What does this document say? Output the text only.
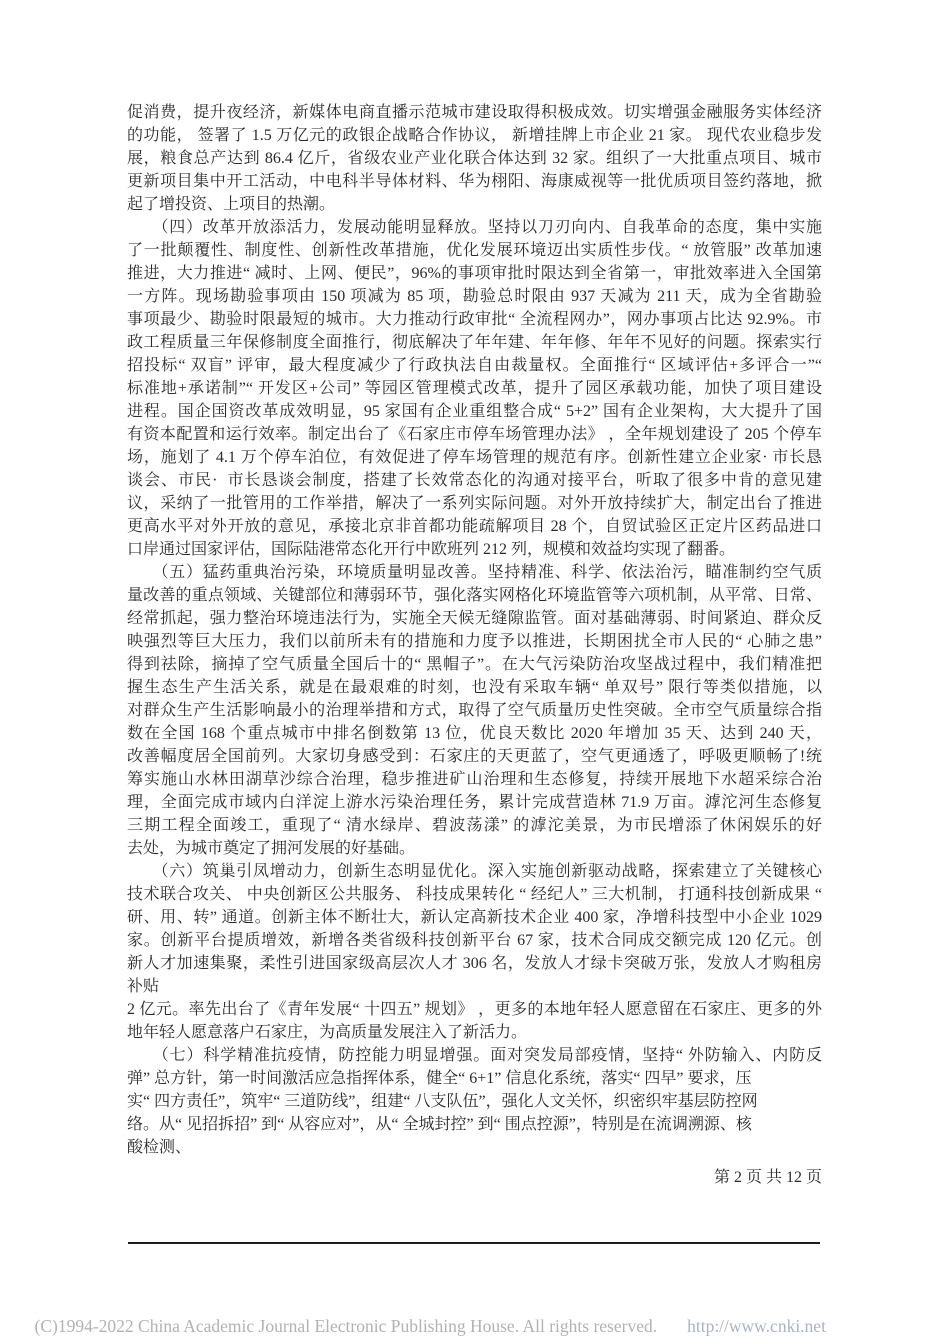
促消费，提升夜经济，新媒体电商直播示范城市建设取得积极成效。切实增强金融服务实体经济
的功能， 签署了 1.5 万亿元的政银企战略合作协议， 新增挂牌上市企业 21 家。 现代农业稳步发
展，粮食总产达到 86.4 亿斤，省级农业产业化联合体达到 32 家。组织了一大批重点项目、城市
更新项目集中开工活动，中电科半导体材料、华为栩阳、海康威视等一批优质项目签约落地，掀
起了增投资、上项目的热潮。
　　（四）改革开放添活力，发展动能明显释放。坚持以刀刃向内、自我革命的态度，集中实施
了一批颠覆性、制度性、创新性改革措施，优化发展环境迈出实质性步伐。“ 放管服” 改革加速
推进，大力推进“ 减时、上网、便民”，96%的事项审批时限达到全省第一，审批效率进入全国第
一方阵。现场勘验事项由 150 项减为 85 项，勘验总时限由 937 天减为 211 天，成为全省勘验
事项最少、勘验时限最短的城市。大力推动行政审批“ 全流程网办”，网办事项占比达 92.9%。市
政工程质量三年保修制度全面推行，彻底解决了年年建、年年修、年年不见好的问题。探索实行
招投标“ 双盲” 评审，最大程度减少了行政执法自由裁量权。全面推行“ 区域评估+多评合一”“
标准地+承诺制”“ 开发区+公司” 等园区管理模式改革，提升了园区承载功能，加快了项目建设
进程。国企国资改革成效明显，95 家国有企业重组整合成“ 5+2” 国有企业架构，大大提升了国
有资本配置和运行效率。制定出台了《石家庄市停车场管理办法》 ，全年规划建设了 205 个停车
场，施划了 4.1 万个停车泊位，有效促进了停车场管理的规范有序。创新性建立企业家· 市长恳
谈会、市民·  市长恳谈会制度，搭建了长效常态化的沟通对接平台，听取了很多中肯的意见建
议，采纳了一批管用的工作举措，解决了一系列实际问题。对外开放持续扩大，制定出台了推进
更高水平对外开放的意见，承接北京非首都功能疏解项目 28 个，自贸试验区正定片区药品进口
口岸通过国家评估，国际陆港常态化开行中欧班列 212 列，规模和效益均实现了翻番。
　　（五）猛药重典治污染，环境质量明显改善。坚持精准、科学、依法治污，瞄准制约空气质
量改善的重点领域、关键部位和薄弱环节，强化落实网格化环境监管等六项机制，从平常、日常、
经常抓起，强力整治环境违法行为，实施全天候无缝隙监管。面对基础薄弱、时间紧迫、群众反
映强烈等巨大压力，我们以前所未有的措施和力度予以推进，长期困扰全市人民的“ 心肺之患”
得到祛除，摘掉了空气质量全国后十的“ 黑帽子”。在大气污染防治攻坚战过程中，我们精准把
握生态生产生活关系，就是在最艰难的时刻，也没有采取车辆“ 单双号” 限行等类似措施，以
对群众生产生活影响最小的治理举措和方式，取得了空气质量历史性突破。全市空气质量综合指
数在全国 168 个重点城市中排名倒数第 13 位，优良天数比 2020 年增加 35 天、达到 240 天，
改善幅度居全国前列。大家切身感受到：石家庄的天更蓝了，空气更通透了，呼吸更顺畅了!统
筹实施山水林田湖草沙综合治理，稳步推进矿山治理和生态修复，持续开展地下水超采综合治
理，全面完成市域内白洋淀上游水污染治理任务，累计完成营造林 71.9 万亩。滹沱河生态修复
三期工程全面竣工，重现了“ 清水绿岸、碧波荡漾” 的滹沱美景，为市民增添了休闲娱乐的好
去处，为城市奠定了拥河发展的好基础。
　　（六）筑巢引凤增动力，创新生态明显优化。深入实施创新驱动战略，探索建立了关键核心
技术联合攻关、 中央创新区公共服务、 科技成果转化 “ 经纪人” 三大机制， 打通科技创新成果 “
研、用、转” 通道。创新主体不断壮大，新认定高新技术企业 400 家，净增科技型中小企业 1029
家。创新平台提质增效，新增各类省级科技创新平台 67 家，技术合同成交额完成 120 亿元。创
新人才加速集聚，柔性引进国家级高层次人才 306 名，发放人才绿卡突破万张，发放人才购租房
补贴
2 亿元。率先出台了《青年发展“ 十四五” 规划》 ，更多的本地年轻人愿意留在石家庄、更多的外
地年轻人愿意落户石家庄，为高质量发展注入了新活力。
　　（七）科学精准抗疫情，防控能力明显增强。面对突发局部疫情，坚持“ 外防输入、内防反
弹” 总方针，第一时间激活应急指挥体系，健全“ 6+1” 信息化系统，落实“ 四早” 要求，压
实“ 四方责任”，筑牢“ 三道防线”，组建“ 八支队伍”，强化人文关怀，织密织牢基层防控网
络。从“ 见招拆招” 到“ 从容应对”，从“ 全城封控” 到“ 围点控源”，特别是在流调溯源、核
酸检测、
第 2 页 共 12 页

(C)1994-2022 China Academic Journal Electronic Publishing House. All rights reserved. http://www.cnki.net
